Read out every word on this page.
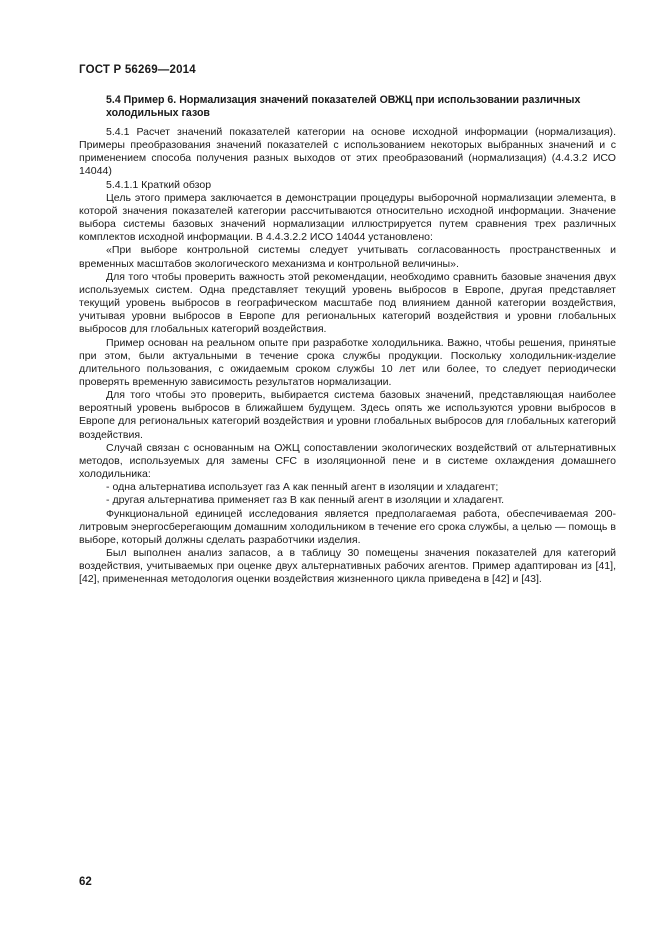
ГОСТ Р 56269—2014
5.4 Пример 6. Нормализация значений показателей ОВЖЦ при использовании различных холодильных газов

5.4.1 Расчет значений показателей категории на основе исходной информации (нормализация). Примеры преобразования значений показателей с использованием некоторых выбранных значений и с применением способа получения разных выходов от этих преобразований (нормализация) (4.4.3.2 ИСО 14044)

5.4.1.1 Краткий обзор

Цель этого примера заключается в демонстрации процедуры выборочной нормализации элемента, в которой значения показателей категории рассчитываются относительно исходной информации. Значение выбора системы базовых значений нормализации иллюстрируется путем сравнения трех различных комплектов исходной информации. В 4.4.3.2.2 ИСО 14044 установлено:

«При выборе контрольной системы следует учитывать согласованность пространственных и временных масштабов экологического механизма и контрольной величины».

Для того чтобы проверить важность этой рекомендации, необходимо сравнить базовые значения двух используемых систем. Одна представляет текущий уровень выбросов в Европе, другая представляет текущий уровень выбросов в географическом масштабе под влиянием данной категории воздействия, учитывая уровни выбросов в Европе для региональных категорий воздействия и уровни глобальных выбросов для глобальных категорий воздействия.

Пример основан на реальном опыте при разработке холодильника. Важно, чтобы решения, принятые при этом, были актуальными в течение срока службы продукции. Поскольку холодильник-изделие длительного пользования, с ожидаемым сроком службы 10 лет или более, то следует периодически проверять временную зависимость результатов нормализации.

Для того чтобы это проверить, выбирается система базовых значений, представляющая наиболее вероятный уровень выбросов в ближайшем будущем. Здесь опять же используются уровни выбросов в Европе для региональных категорий воздействия и уровни глобальных выбросов для глобальных категорий воздействия.

Случай связан с основанным на ОЖЦ сопоставлении экологических воздействий от альтернативных методов, используемых для замены CFC в изоляционной пене и в системе охлаждения домашнего холодильника:

- одна альтернатива использует газ А как пенный агент в изоляции и хладагент;

- другая альтернатива применяет газ В как пенный агент в изоляции и хладагент.

Функциональной единицей исследования является предполагаемая работа, обеспечиваемая 200-литровым энергосберегающим домашним холодильником в течение его срока службы, а целью — помощь в выборе, который должны сделать разработчики изделия.

Был выполнен анализ запасов, а в таблицу 30 помещены значения показателей для категорий воздействия, учитываемых при оценке двух альтернативных рабочих агентов. Пример адаптирован из [41],[42], примененная методология оценки воздействия жизненного цикла приведена в [42] и [43].

62
